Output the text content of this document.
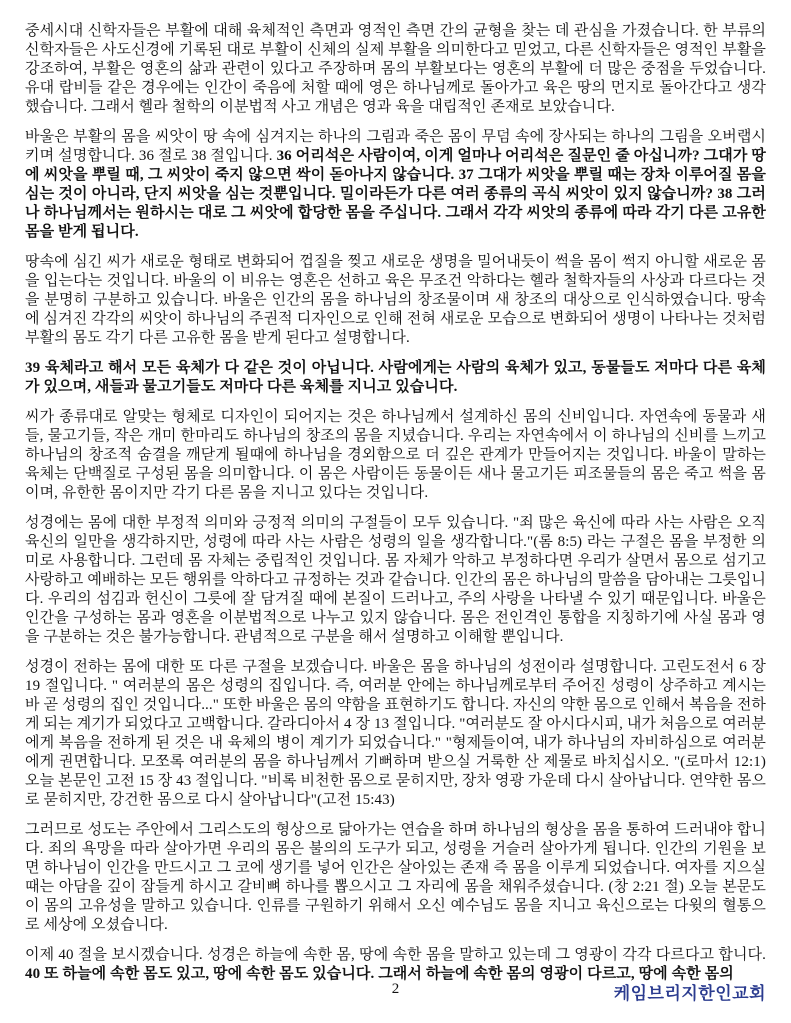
중세시대 신학자들은 부활에 대해 육체적인 측면과 영적인 측면 간의 균형을 찾는 데 관심을 가졌습니다. 한 부류의 신학자들은 사도신경에 기록된 대로 부활이 신체의 실제 부활을 의미한다고 믿었고, 다른 신학자들은 영적인 부활을 강조하여, 부활은 영혼의 삶과 관련이 있다고 주장하며 몸의 부활보다는 영혼의 부활에 더 많은 중점을 두었습니다. 유대 랍비들 같은 경우에는 인간이 죽음에 처할 때에 영은 하나님께로 돌아가고 육은 땅의 먼지로 돌아간다고 생각했습니다. 그래서 헬라 철학의 이분법적 사고 개념은 영과 육을 대립적인 존재로 보았습니다.

바울은 부활의 몸을 씨앗이 땅 속에 심겨지는 하나의 그림과 죽은 몸이 무덤 속에 장사되는 하나의 그림을 오버랩시키며 설명합니다. 36 절로 38 절입니다. 36 어리석은 사람이여, 이게 얼마나 어리석은 질문인 줄 아십니까? 그대가 땅에 씨앗을 뿌릴 때, 그 씨앗이 죽지 않으면 싹이 돋아나지 않습니다. 37 그대가 씨앗을 뿌릴 때는 장차 이루어질 몸을 심는 것이 아니라, 단지 씨앗을 심는 것뿐입니다. 밀이라든가 다른 여러 종류의 곡식 씨앗이 있지 않습니까? 38 그러나 하나님께서는 원하시는 대로 그 씨앗에 합당한 몸을 주십니다. 그래서 각각 씨앗의 종류에 따라 각기 다른 고유한 몸을 받게 됩니다.

땅속에 심긴 씨가 새로운 형태로 변화되어 껍질을 찢고 새로운 생명을 밀어내듯이 썩을 몸이 썩지 아니할 새로운 몸을 입는다는 것입니다. 바울의 이 비유는 영혼은 선하고 육은 무조건 악하다는 헬라 철학자들의 사상과 다르다는 것을 분명히 구분하고 있습니다. 바울은 인간의 몸을 하나님의 창조물이며 새 창조의 대상으로 인식하였습니다. 땅속에 심겨진 각각의 씨앗이 하나님의 주권적 디자인으로 인해 전혀 새로운 모습으로 변화되어 생명이 나타나는 것처럼 부활의 몸도 각기 다른 고유한 몸을 받게 된다고 설명합니다.

39 육체라고 해서 모든 육체가 다 같은 것이 아닙니다. 사람에게는 사람의 육체가 있고, 동물들도 저마다 다른 육체가 있으며, 새들과 물고기들도 저마다 다른 육체를 지니고 있습니다.

씨가 종류대로 알맞는 형체로 디자인이 되어지는 것은 하나님께서 설계하신 몸의 신비입니다. 자연속에 동물과 새들, 물고기들, 작은 개미 한마리도 하나님의 창조의 몸을 지녔습니다. 우리는 자연속에서 이 하나님의 신비를 느끼고 하나님의 창조적 숨결을 깨닫게 될때에 하나님을 경외함으로 더 깊은 관계가 만들어지는 것입니다. 바울이 말하는 육체는 단백질로 구성된 몸을 의미합니다. 이 몸은 사람이든 동물이든 새나 물고기든 피조물들의 몸은 죽고 썩을 몸이며, 유한한 몸이지만 각기 다른 몸을 지니고 있다는 것입니다.

성경에는 몸에 대한 부정적 의미와 긍정적 의미의 구절들이 모두 있습니다. "죄 많은 육신에 따라 사는 사람은 오직 육신의 일만을 생각하지만, 성령에 따라 사는 사람은 성령의 일을 생각합니다."(롬 8:5) 라는 구절은 몸을 부정한 의미로 사용합니다. 그런데 몸 자체는 중립적인 것입니다. 몸 자체가 악하고 부정하다면 우리가 살면서 몸으로 섬기고 사랑하고 예배하는 모든 행위를 악하다고 규정하는 것과 같습니다. 인간의 몸은 하나님의 말씀을 담아내는 그릇입니다. 우리의 섬김과 헌신이 그릇에 잘 담겨질 때에 본질이 드러나고, 주의 사랑을 나타낼 수 있기 때문입니다. 바울은 인간을 구성하는 몸과 영혼을 이분법적으로 나누고 있지 않습니다. 몸은 전인격인 통합을 지칭하기에 사실 몸과 영을 구분하는 것은 불가능합니다. 관념적으로 구분을 해서 설명하고 이해할 뿐입니다.

성경이 전하는 몸에 대한 또 다른 구절을 보겠습니다. 바울은 몸을 하나님의 성전이라 설명합니다. 고린도전서 6 장 19 절입니다. " 여러분의 몸은 성령의 집입니다. 즉, 여러분 안에는 하나님께로부터 주어진 성령이 상주하고 계시는 바 곧 성령의 집인 것입니다..." 또한 바울은 몸의 약함을 표현하기도 합니다. 자신의 약한 몸으로 인해서 복음을 전하게 되는 계기가 되었다고 고백합니다. 갈라디아서 4 장 13 절입니다. "여러분도 잘 아시다시피, 내가 처음으로 여러분에게 복음을 전하게 된 것은 내 육체의 병이 계기가 되었습니다." "형제들이여, 내가 하나님의 자비하심으로 여러분에게 권면합니다. 모쪼록 여러분의 몸을 하나님께서 기뻐하며 받으실 거룩한 산 제물로 바치십시오. "(로마서 12:1) 오늘 본문인 고전 15 장 43 절입니다. "비록 비천한 몸으로 묻히지만, 장차 영광 가운데 다시 살아납니다. 연약한 몸으로 묻히지만, 강건한 몸으로 다시 살아납니다"(고전 15:43)

그러므로 성도는 주안에서 그리스도의 형상으로 닮아가는 연습을 하며 하나님의 형상을 몸을 통하여 드러내야 합니다. 죄의 욕망을 따라 살아가면 우리의 몸은 불의의 도구가 되고, 성령을 거슬러 살아가게 됩니다. 인간의 기원을 보면 하나님이 인간을 만드시고 그 코에 생기를 넣어 인간은 살아있는 존재 즉 몸을 이루게 되었습니다. 여자를 지으실 때는 아담을 깊이 잠들게 하시고 갈비뼈 하나를 뽑으시고 그 자리에 몸을 채워주셨습니다. (창 2:21 절) 오늘 본문도 이 몸의 고유성을 말하고 있습니다. 인류를 구원하기 위해서 오신 예수님도 몸을 지니고 육신으로는 다윗의 혈통으로 세상에 오셨습니다.

이제 40 절을 보시겠습니다. 성경은 하늘에 속한 몸, 땅에 속한 몸을 말하고 있는데 그 영광이 각각 다르다고 합니다. 40 또 하늘에 속한 몸도 있고, 땅에 속한 몸도 있습니다. 그래서 하늘에 속한 몸의 영광이 다르고, 땅에 속한 몸의

2	케임브리지한인교회
